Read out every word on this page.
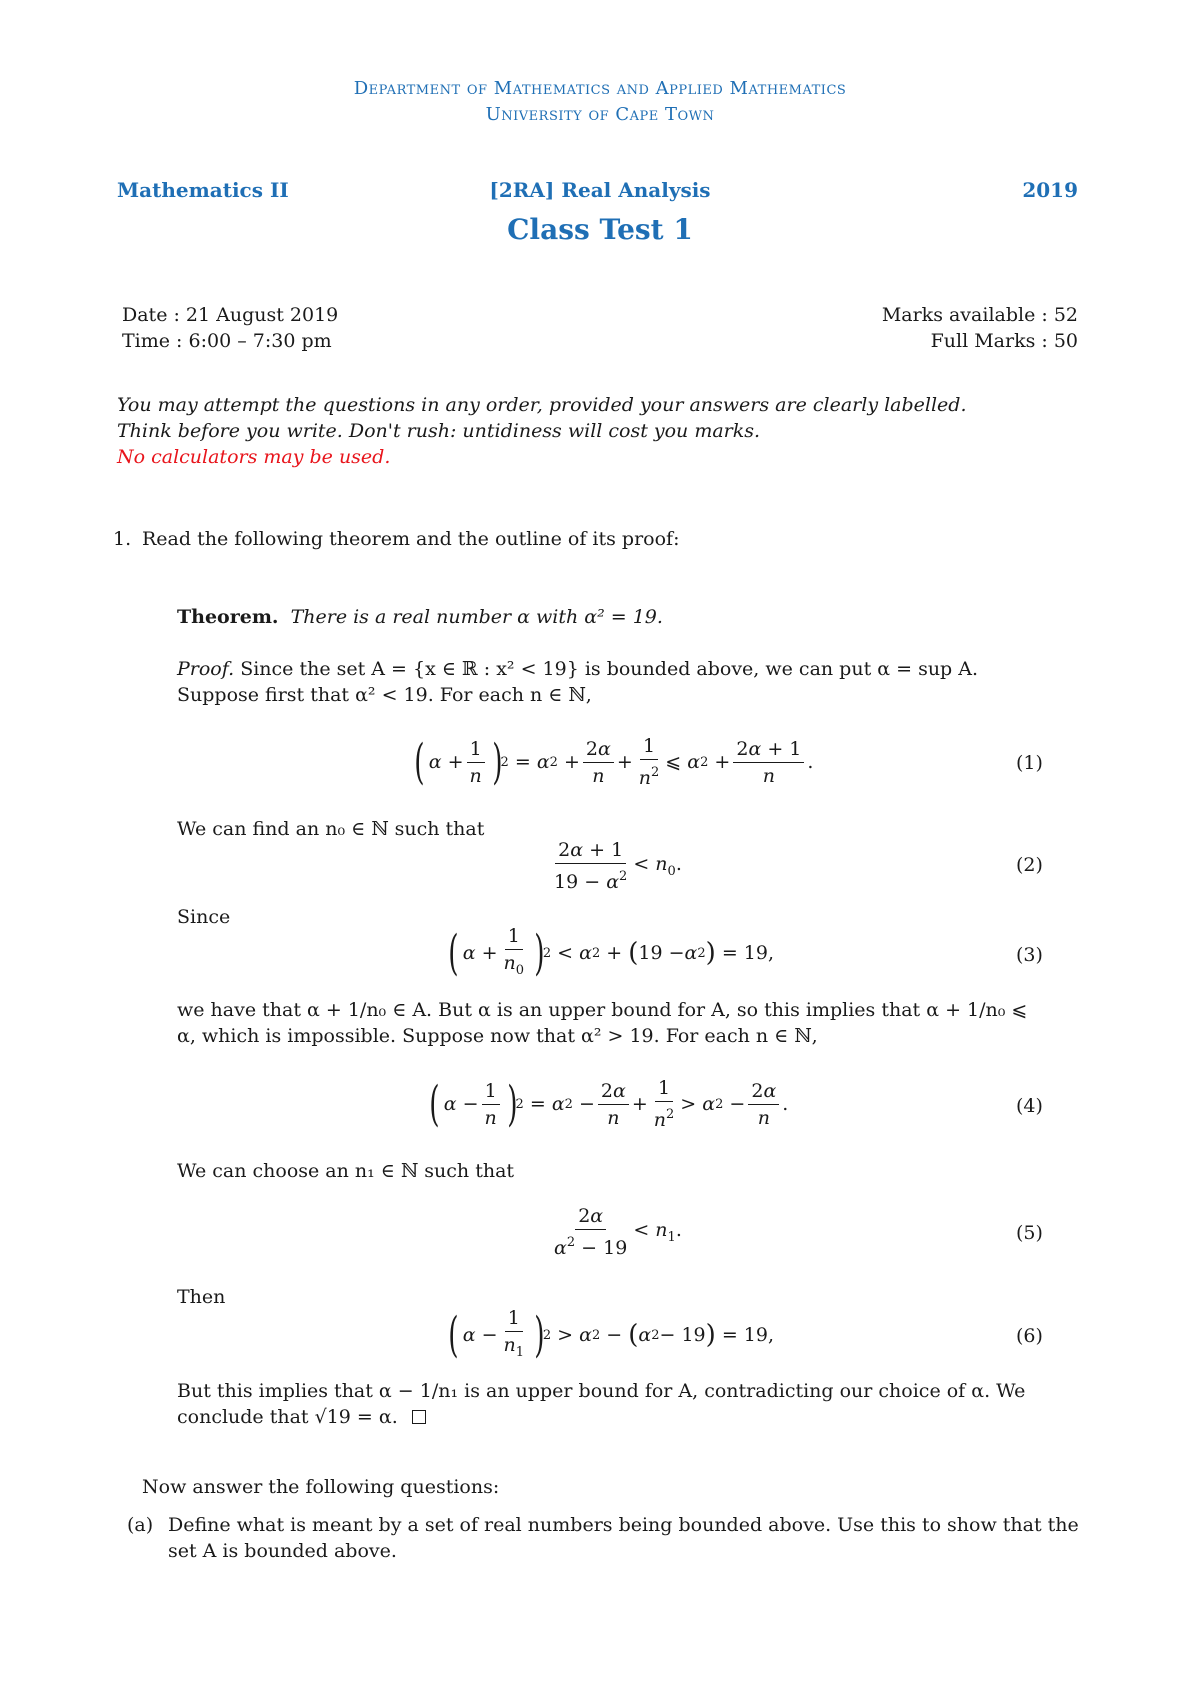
Department of Mathematics and Applied Mathematics
University of Cape Town
Mathematics II	[2RA] Real Analysis	2019
Class Test 1
Date : 21 August 2019
Time : 6:00 – 7:30 pm
Marks available : 52
Full Marks : 50
You may attempt the questions in any order, provided your answers are clearly labelled.
Think before you write. Don't rush: untidiness will cost you marks.
No calculators may be used.
1. Read the following theorem and the outline of its proof:
Theorem. There is a real number α with α² = 19.
Proof. Since the set A = {x ∈ ℝ : x² < 19} is bounded above, we can put α = sup A. Suppose first that α² < 19. For each n ∈ ℕ,
( $\alpha + \frac{1}{n}$ )
2 = α $2 + \frac{2\alpha}{n} + \frac{1}{n^2}$ ⩽ α $2 + \frac{2\alpha + 1}{n}$ .	(1)
We can find an n₀ ∈ ℕ such that
$\frac{2\alpha + 1}{19 - \alpha^2} < n_0$.	(2)
Since
( $\alpha + \frac{1}{n_0}$ )
2 < α 2 + ( 19 − α 2 ) = 19,	(3)
we have that α + 1/n₀ ∈ A. But α is an upper bound for A, so this implies that α + 1/n₀ ⩽ α, which is impossible. Suppose now that α² > 19. For each n ∈ ℕ,
( $\alpha - \frac{1}{n}$ )
2 = α $2 - \frac{2\alpha}{n} + \frac{1}{n^2} > \alpha$ $2 - \frac{2\alpha}{n}$ .	(4)
We can choose an n₁ ∈ ℕ such that
$\frac{2\alpha}{\alpha^2 - 19} < n_1$.	(5)
Then
( $\alpha - \frac{1}{n_1}$ )
2 > α 2 − ( α 2 − 19 ) = 19,	(6)
But this implies that α − 1/n₁ is an upper bound for A, contradicting our choice of α. We conclude that √19 = α.
Now answer the following questions:
(a) Define what is meant by a set of real numbers being bounded above. Use this to show that the set A is bounded above.
